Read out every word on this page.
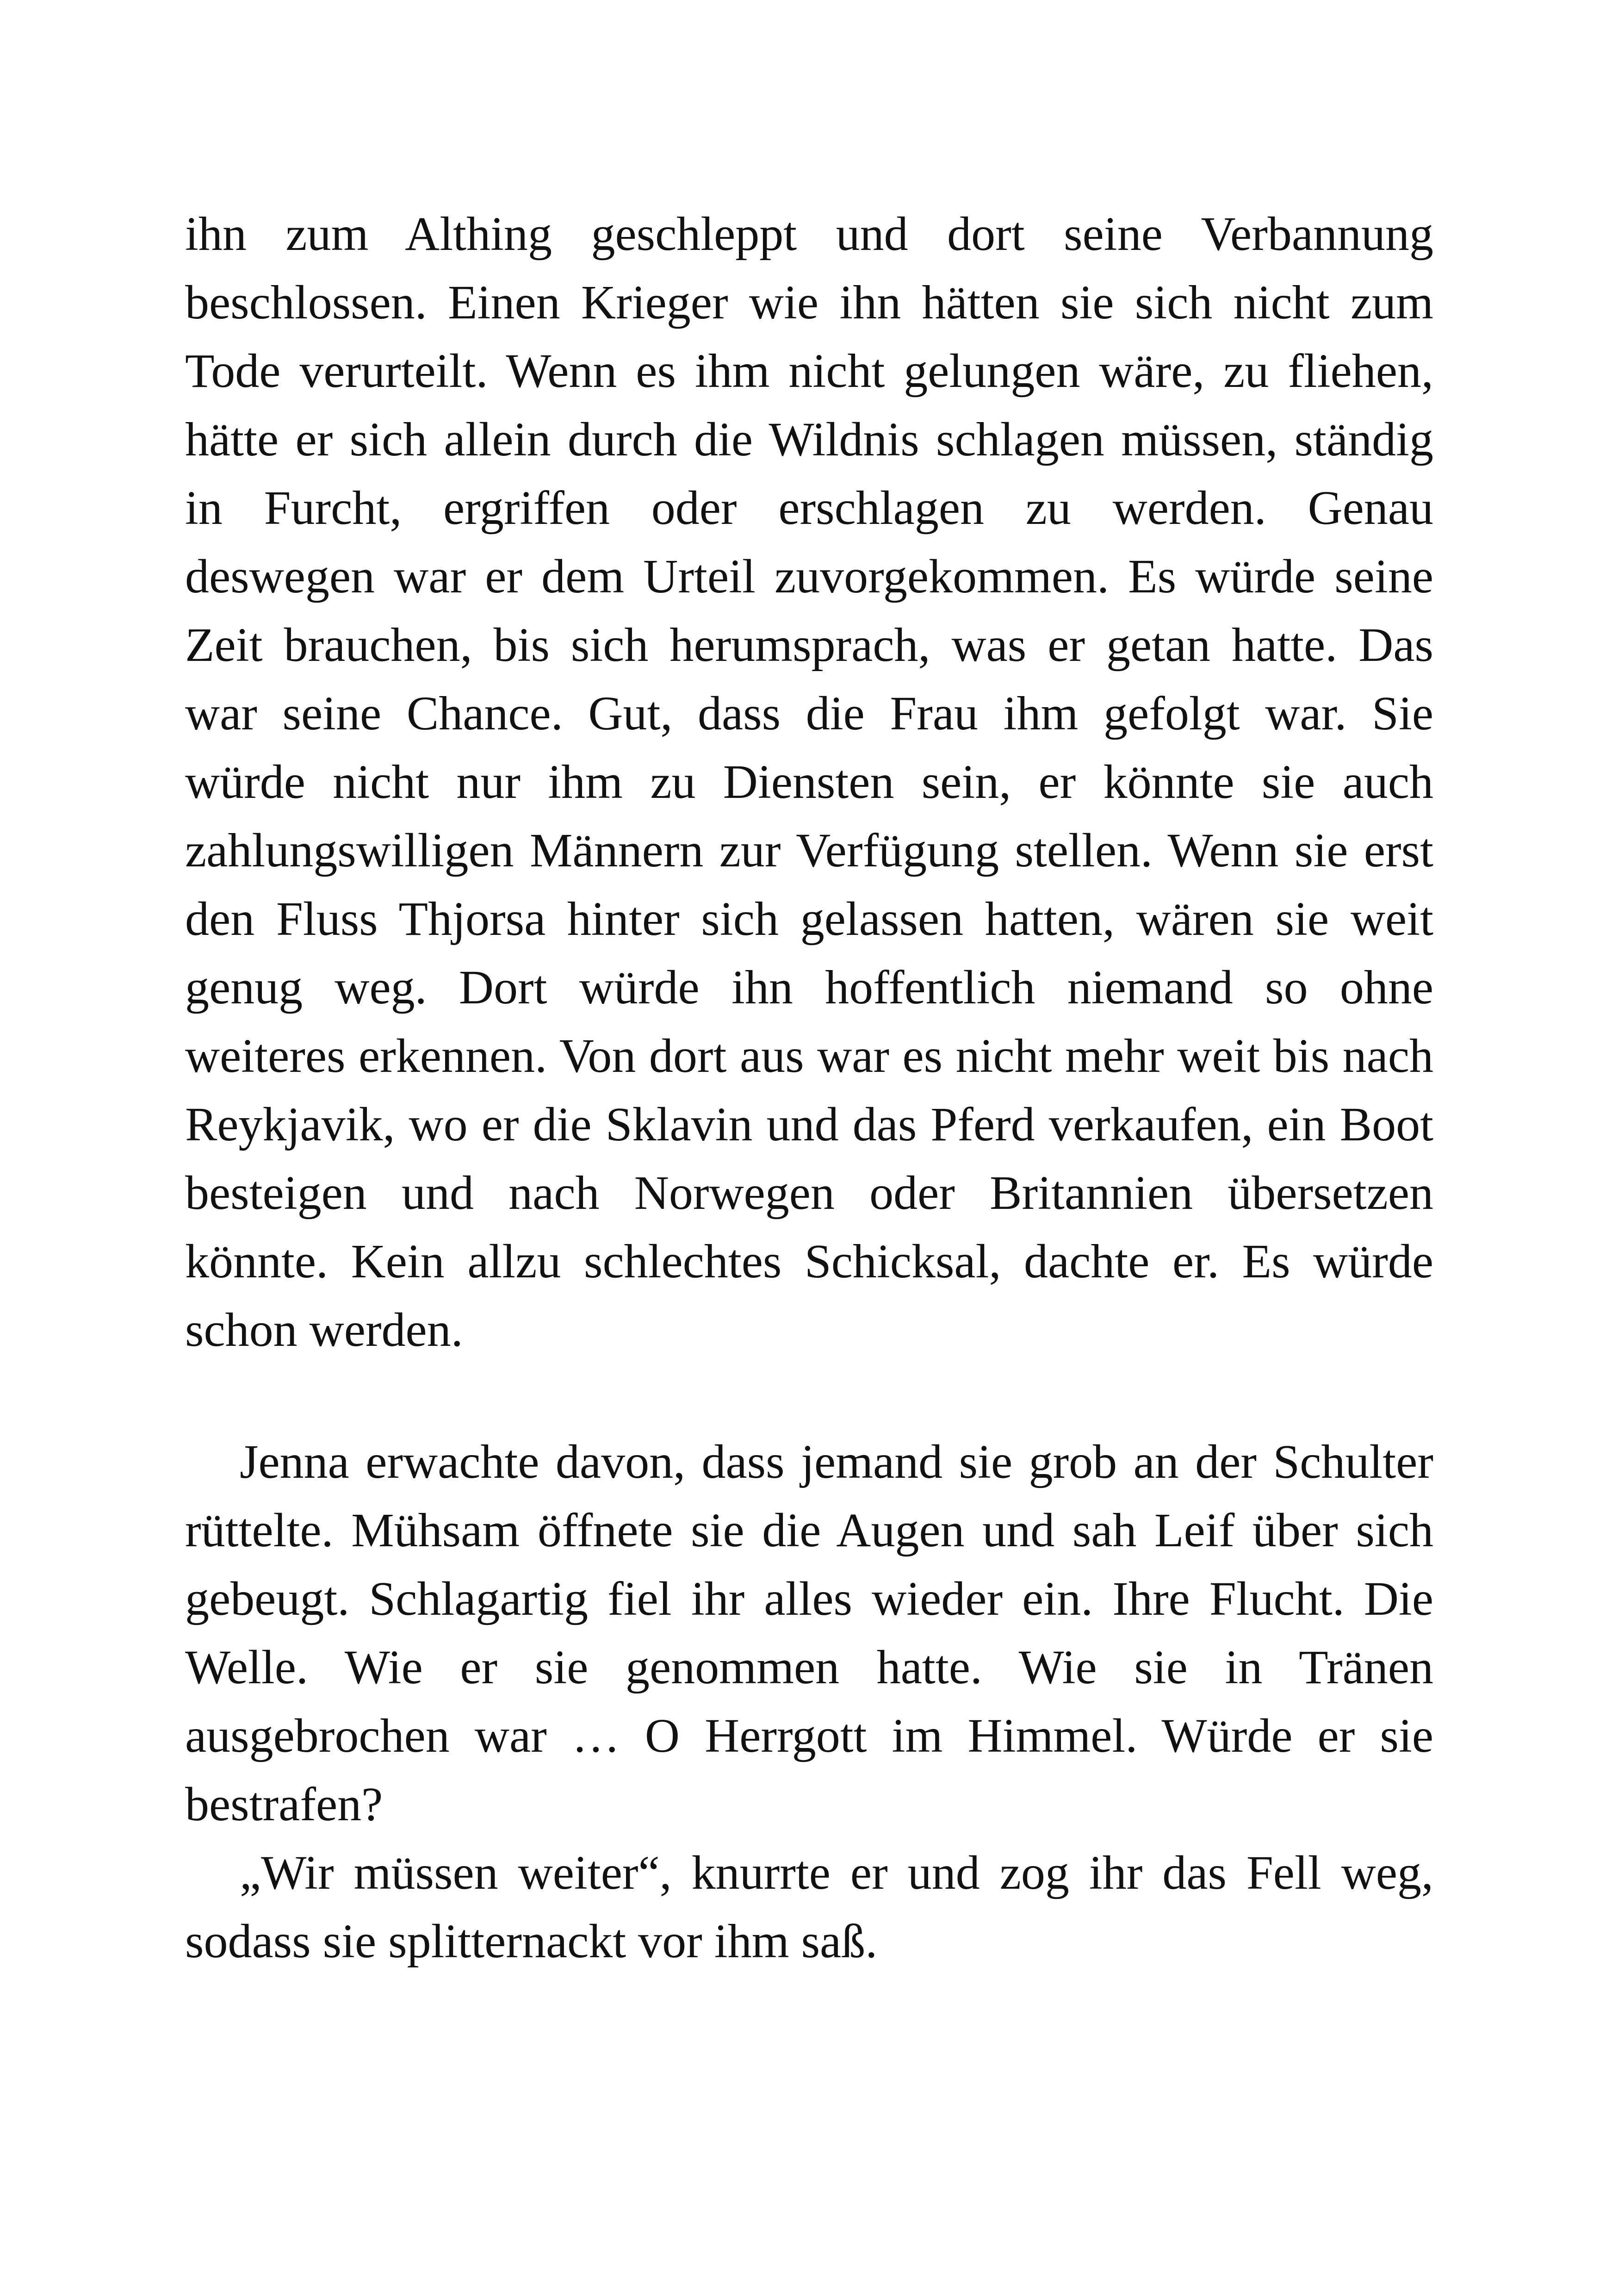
ihn zum Althing geschleppt und dort seine Verbannung
beschlossen. Einen Krieger wie ihn hätten sie sich nicht zum
Tode verurteilt. Wenn es ihm nicht gelungen wäre, zu fliehen,
hätte er sich allein durch die Wildnis schlagen müssen, ständig
in Furcht, ergriffen oder erschlagen zu werden. Genau
deswegen war er dem Urteil zuvorgekommen. Es würde seine
Zeit brauchen, bis sich herumsprach, was er getan hatte. Das
war seine Chance. Gut, dass die Frau ihm gefolgt war. Sie
würde nicht nur ihm zu Diensten sein, er könnte sie auch
zahlungswilligen Männern zur Verfügung stellen. Wenn sie erst
den Fluss Thjorsa hinter sich gelassen hatten, wären sie weit
genug weg. Dort würde ihn hoffentlich niemand so ohne
weiteres erkennen. Von dort aus war es nicht mehr weit bis nach
Reykjavik, wo er die Sklavin und das Pferd verkaufen, ein Boot
besteigen und nach Norwegen oder Britannien übersetzen
könnte. Kein allzu schlechtes Schicksal, dachte er. Es würde
schon werden.

Jenna erwachte davon, dass jemand sie grob an der Schulter
rüttelte. Mühsam öffnete sie die Augen und sah Leif über sich
gebeugt. Schlagartig fiel ihr alles wieder ein. Ihre Flucht. Die
Welle. Wie er sie genommen hatte. Wie sie in Tränen
ausgebrochen war … O Herrgott im Himmel. Würde er sie
bestrafen?

„Wir müssen weiter“, knurrte er und zog ihr das Fell weg,
sodass sie splitternackt vor ihm saß.
